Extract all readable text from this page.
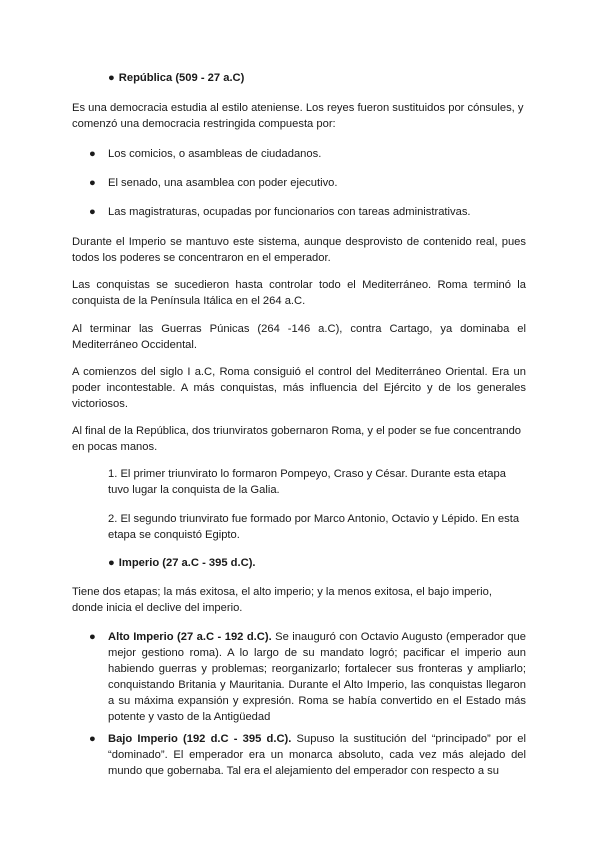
● República (509 - 27 a.C)

Es una democracia estudia al estilo ateniense. Los reyes fueron sustituidos por cónsules, y comenzó una democracia restringida compuesta por:

● Los comicios, o asambleas de ciudadanos.

● El senado, una asamblea con poder ejecutivo.

● Las magistraturas, ocupadas por funcionarios con tareas administrativas.

Durante el Imperio se mantuvo este sistema, aunque desprovisto de contenido real, pues todos los poderes se concentraron en el emperador.

Las conquistas se sucedieron hasta controlar todo el Mediterráneo. Roma terminó la conquista de la Península Itálica en el 264 a.C.

Al terminar las Guerras Púnicas (264 -146 a.C), contra Cartago, ya dominaba el Mediterráneo Occidental.

A comienzos del siglo I a.C, Roma consiguió el control del Mediterráneo Oriental. Era un poder incontestable. A más conquistas, más influencia del Ejército y de los generales victoriosos.

Al final de la República, dos triunviratos gobernaron Roma, y el poder se fue concentrando en pocas manos.

1. El primer triunvirato lo formaron Pompeyo, Craso y César. Durante esta etapa tuvo lugar la conquista de la Galia.

2. El segundo triunvirato fue formado por Marco Antonio, Octavio y Lépido. En esta etapa se conquistó Egipto.

● Imperio (27 a.C - 395 d.C).

Tiene dos etapas; la más exitosa, el alto imperio; y la menos exitosa, el bajo imperio, donde inicia el declive del imperio.

● Alto Imperio (27 a.C - 192 d.C). Se inauguró con Octavio Augusto (emperador que mejor gestiono roma). A lo largo de su mandato logró; pacificar el imperio aun habiendo guerras y problemas; reorganizarlo; fortalecer sus fronteras y ampliarlo; conquistando Britania y Mauritania. Durante el Alto Imperio, las conquistas llegaron a su máxima expansión y expresión. Roma se había convertido en el Estado más potente y vasto de la Antigüedad

● Bajo Imperio (192 d.C - 395 d.C). Supuso la sustitución del “principado” por el “dominado”. El emperador era un monarca absoluto, cada vez más alejado del mundo que gobernaba. Tal era el alejamiento del emperador con respecto a su
